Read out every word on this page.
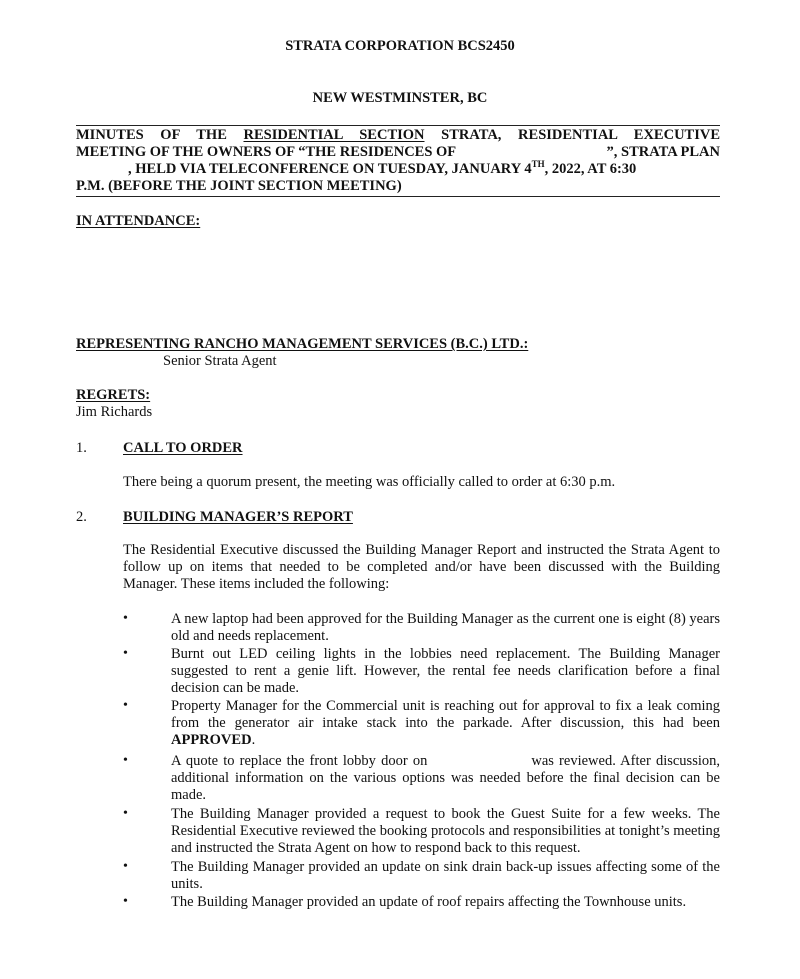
STRATA CORPORATION BCS2450
NEW WESTMINSTER, BC
MINUTES OF THE RESIDENTIAL SECTION STRATA, RESIDENTIAL EXECUTIVE
MEETING OF THE OWNERS OF “THE RESIDENCES OF	”, STRATA PLAN
, HELD VIA TELECONFERENCE ON TUESDAY, JANUARY 4TH, 2022, AT 6:30
P.M. (BEFORE THE JOINT SECTION MEETING)
IN ATTENDANCE:
REPRESENTING RANCHO MANAGEMENT SERVICES (B.C.) LTD.:
Senior Strata Agent
REGRETS:
Jim Richards
1. CALL TO ORDER
There being a quorum present, the meeting was officially called to order at 6:30 p.m.
2. BUILDING MANAGER’S REPORT
The Residential Executive discussed the Building Manager Report and instructed the Strata Agent to follow up on items that needed to be completed and/or have been discussed with the Building Manager. These items included the following:
•	A new laptop had been approved for the Building Manager as the current one is eight (8) years old and needs replacement.
•	Burnt out LED ceiling lights in the lobbies need replacement. The Building Manager suggested to rent a genie lift. However, the rental fee needs clarification before a final decision can be made.
•	Property Manager for the Commercial unit is reaching out for approval to fix a leak coming from the generator air intake stack into the parkade. After discussion, this had been APPROVED.
•	A quote to replace the front lobby door on	was reviewed. After discussion, additional information on the various options was needed before the final decision can be made.
•	The Building Manager provided a request to book the Guest Suite for a few weeks. The Residential Executive reviewed the booking protocols and responsibilities at tonight’s meeting and instructed the Strata Agent on how to respond back to this request.
•	The Building Manager provided an update on sink drain back-up issues affecting some of the units.
•	The Building Manager provided an update of roof repairs affecting the Townhouse units.
